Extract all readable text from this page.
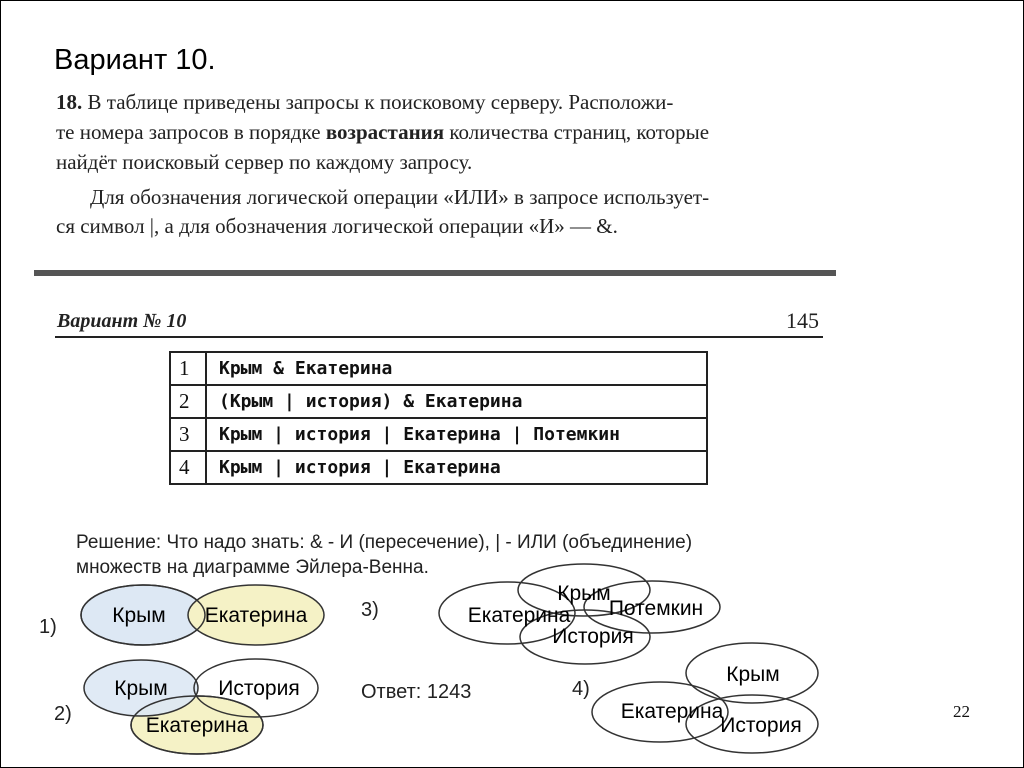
Вариант 10.
18. В таблице приведены запросы к поисковому серверу. Расположи-
те номера запросов в порядке возрастания количества страниц, которые
найдёт поисковый сервер по каждому запросу.
Для обозначения логической операции «ИЛИ» в запросе использует-
ся символ |, а для обозначения логической операции «И» — &.
Вариант № 10	145
1	Крым & Екатерина
2	(Крым | история) & Екатерина
3	Крым | история | Екатерина | Потемкин
4	Крым | история | Екатерина
Решение: Что надо знать: & - И (пересечение), | - ИЛИ (объединение)
множеств на диаграмме Эйлера-Венна.
Крым Екатерина
Крым История
Екатерина
Крым
Потемкин
Екатерина
История
Крым
Екатерина
История
1)
2)
3)
4)
Ответ: 1243
22
